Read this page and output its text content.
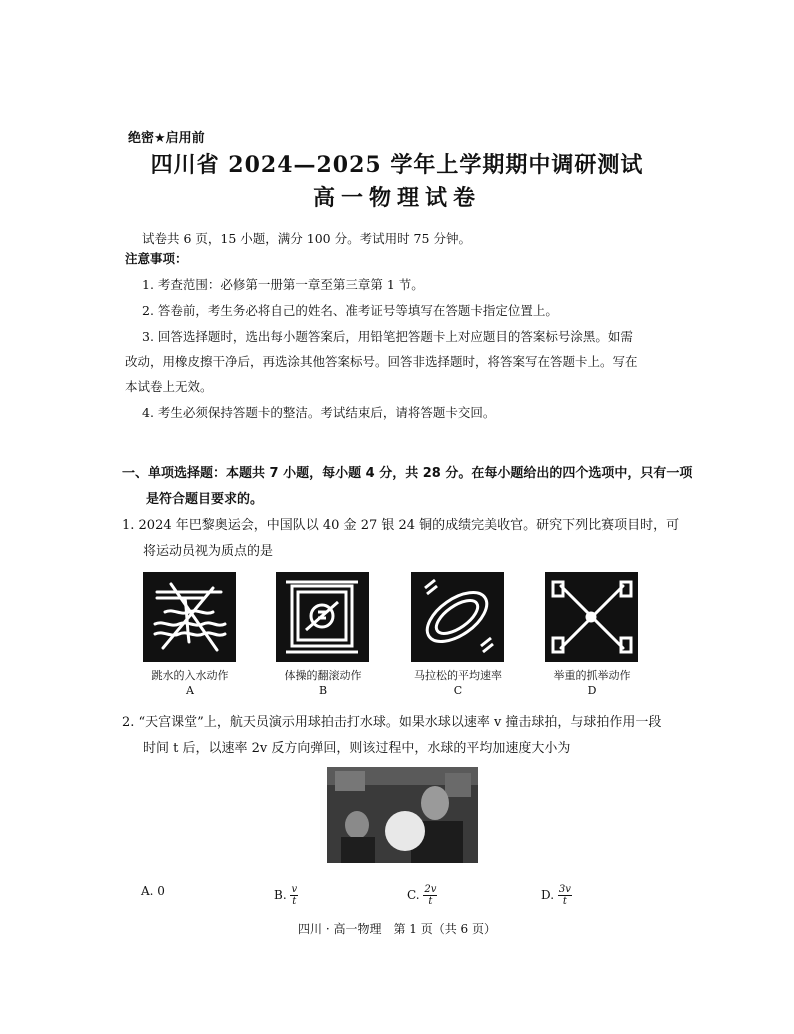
绝密★启用前
四川省 2024—2025 学年上学期期中调研测试
高一物理试卷
试卷共 6 页，15 小题，满分 100 分。考试用时 75 分钟。
注意事项：
1. 考查范围：必修第一册第一章至第三章第 1 节。
2. 答卷前，考生务必将自己的姓名、准考证号等填写在答题卡指定位置上。
3. 回答选择题时，选出每小题答案后，用铅笔把答题卡上对应题目的答案标号涂黑。如需
改动，用橡皮擦干净后，再选涂其他答案标号。回答非选择题时，将答案写在答题卡上。写在
本试卷上无效。
4. 考生必须保持答题卡的整洁。考试结束后，请将答题卡交回。
一、单项选择题：本题共 7 小题，每小题 4 分，共 28 分。在每小题给出的四个选项中，只有一项
是符合题目要求的。
1. 2024 年巴黎奥运会，中国队以 40 金 27 银 24 铜的成绩完美收官。研究下列比赛项目时，可
将运动员视为质点的是
跳水的入水动作	体操的翻滚动作	马拉松的平均速率	举重的抓举动作
A	B	C	D
2. “天宫课堂”上，航天员演示用球拍击打水球。如果水球以速率 v 撞击球拍，与球拍作用一段
时间 t 后，以速率 2v 反方向弹回，则该过程中，水球的平均加速度大小为
A. 0	B. $\frac{v}{t}$	C. $\frac{2v}{t}$	D. $\frac{3v}{t}$
四川 · 高一物理　第 1 页（共 6 页）
